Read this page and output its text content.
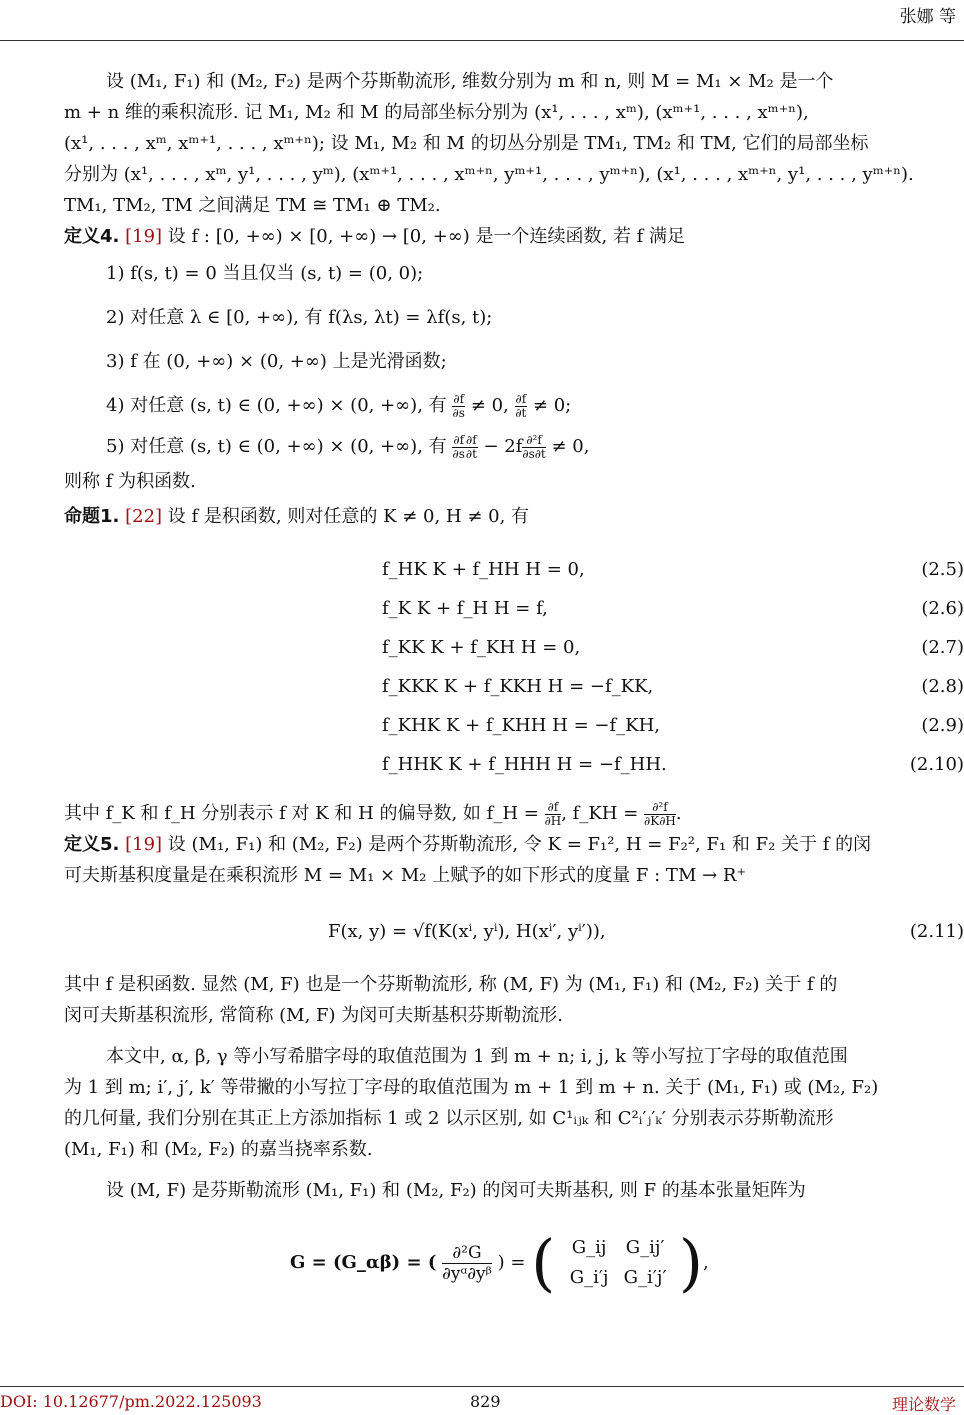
张娜 等

设 (M₁, F₁) 和 (M₂, F₂) 是两个芬斯勒流形, 维数分别为 m 和 n, 则 M = M₁ × M₂ 是一个

m + n 维的乘积流形. 记 M₁, M₂ 和 M 的局部坐标分别为 (x¹, . . . , xᵐ), (xᵐ⁺¹, . . . , xᵐ⁺ⁿ),

(x¹, . . . , xᵐ, xᵐ⁺¹, . . . , xᵐ⁺ⁿ); 设 M₁, M₂ 和 M 的切丛分别是 TM₁, TM₂ 和 TM, 它们的局部坐标

分别为 (x¹, . . . , xᵐ, y¹, . . . , yᵐ), (xᵐ⁺¹, . . . , xᵐ⁺ⁿ, yᵐ⁺¹, . . . , yᵐ⁺ⁿ), (x¹, . . . , xᵐ⁺ⁿ, y¹, . . . , yᵐ⁺ⁿ).

TM₁, TM₂, TM 之间满足 TM ≅ TM₁ ⊕ TM₂.

定义4. [19] 设 f : [0, +∞) × [0, +∞) → [0, +∞) 是一个连续函数, 若 f 满足

1) f(s, t) = 0 当且仅当 (s, t) = (0, 0);
2) 对任意 λ ∈ [0, +∞), 有 f(λs, λt) = λf(s, t);
3) f 在 (0, +∞) × (0, +∞) 上是光滑函数;
4) 对任意 (s, t) ∈ (0, +∞) × (0, +∞), 有 $\frac{\partial f}{\partial s} \ne 0$, $\frac{\partial f}{\partial t} \ne 0$;
5) 对任意 (s, t) ∈ (0, +∞) × (0, +∞), 有 $\frac{\partial f}{\partial s} \frac{\partial f}{\partial t} - 2f \frac{\text{∂²f}}{\partial s\partial t} \ne 0$,

则称 f 为积函数.

命题1. [22] 设 f 是积函数, 则对任意的 K ≠ 0, H ≠ 0, 有

f_HK K + f_HH H = 0,	(2.5)
f_K K + f_H H = f,	(2.6)
f_KK K + f_KH H = 0,	(2.7)
f_KKK K + f_KKH H = −f_KK,	(2.8)
f_KHK K + f_KHH H = −f_KH,	(2.9)
f_HHK K + f_HHH H = −f_HH.	(2.10)

其中 f_K 和 f_H 分别表示 f 对 K 和 H 的偏导数, 如 f_H = $\frac{\partial f}{\partial H}$ , f_KH = $\frac{\text{∂²f}}{\partial K\partial H}$ .

定义5. [19] 设 (M₁, F₁) 和 (M₂, F₂) 是两个芬斯勒流形, 令 K = F₁², H = F₂², F₁ 和 F₂ 关于 f 的闵

可夫斯基积度量是在乘积流形 M = M₁ × M₂ 上赋予的如下形式的度量 F : TM → R⁺

F(x, y) = √f(K(xⁱ, yⁱ), H(xⁱ′, yⁱ′)),	(2.11)

其中 f 是积函数. 显然 (M, F) 也是一个芬斯勒流形, 称 (M, F) 为 (M₁, F₁) 和 (M₂, F₂) 关于 f 的

闵可夫斯基积流形, 常简称 (M, F) 为闵可夫斯基积芬斯勒流形.

本文中, α, β, γ 等小写希腊字母的取值范围为 1 到 m + n; i, j, k 等小写拉丁字母的取值范围

为 1 到 m; i′, j′, k′ 等带撇的小写拉丁字母的取值范围为 m + 1 到 m + n. 关于 (M₁, F₁) 或 (M₂, F₂)

的几何量, 我们分别在其正上方添加指标 1 或 2 以示区别, 如 C¹ᵢⱼₖ 和 C²ᵢ′ⱼ′ₖ′ 分别表示芬斯勒流形

(M₁, F₁) 和 (M₂, F₂) 的嘉当挠率系数.

设 (M, F) 是芬斯勒流形 (M₁, F₁) 和 (M₂, F₂) 的闵可夫斯基积, 则 F 的基本张量矩阵为

G = (G_αβ) = ( $\frac{\text{∂²G}}{\text{∂yᵅ∂yᵝ}}$ ) = ( G_ij G_ij′
G_i′j G_i′j′ ),
DOI: 10.12677/pm.2022.125093	829	理论数学
